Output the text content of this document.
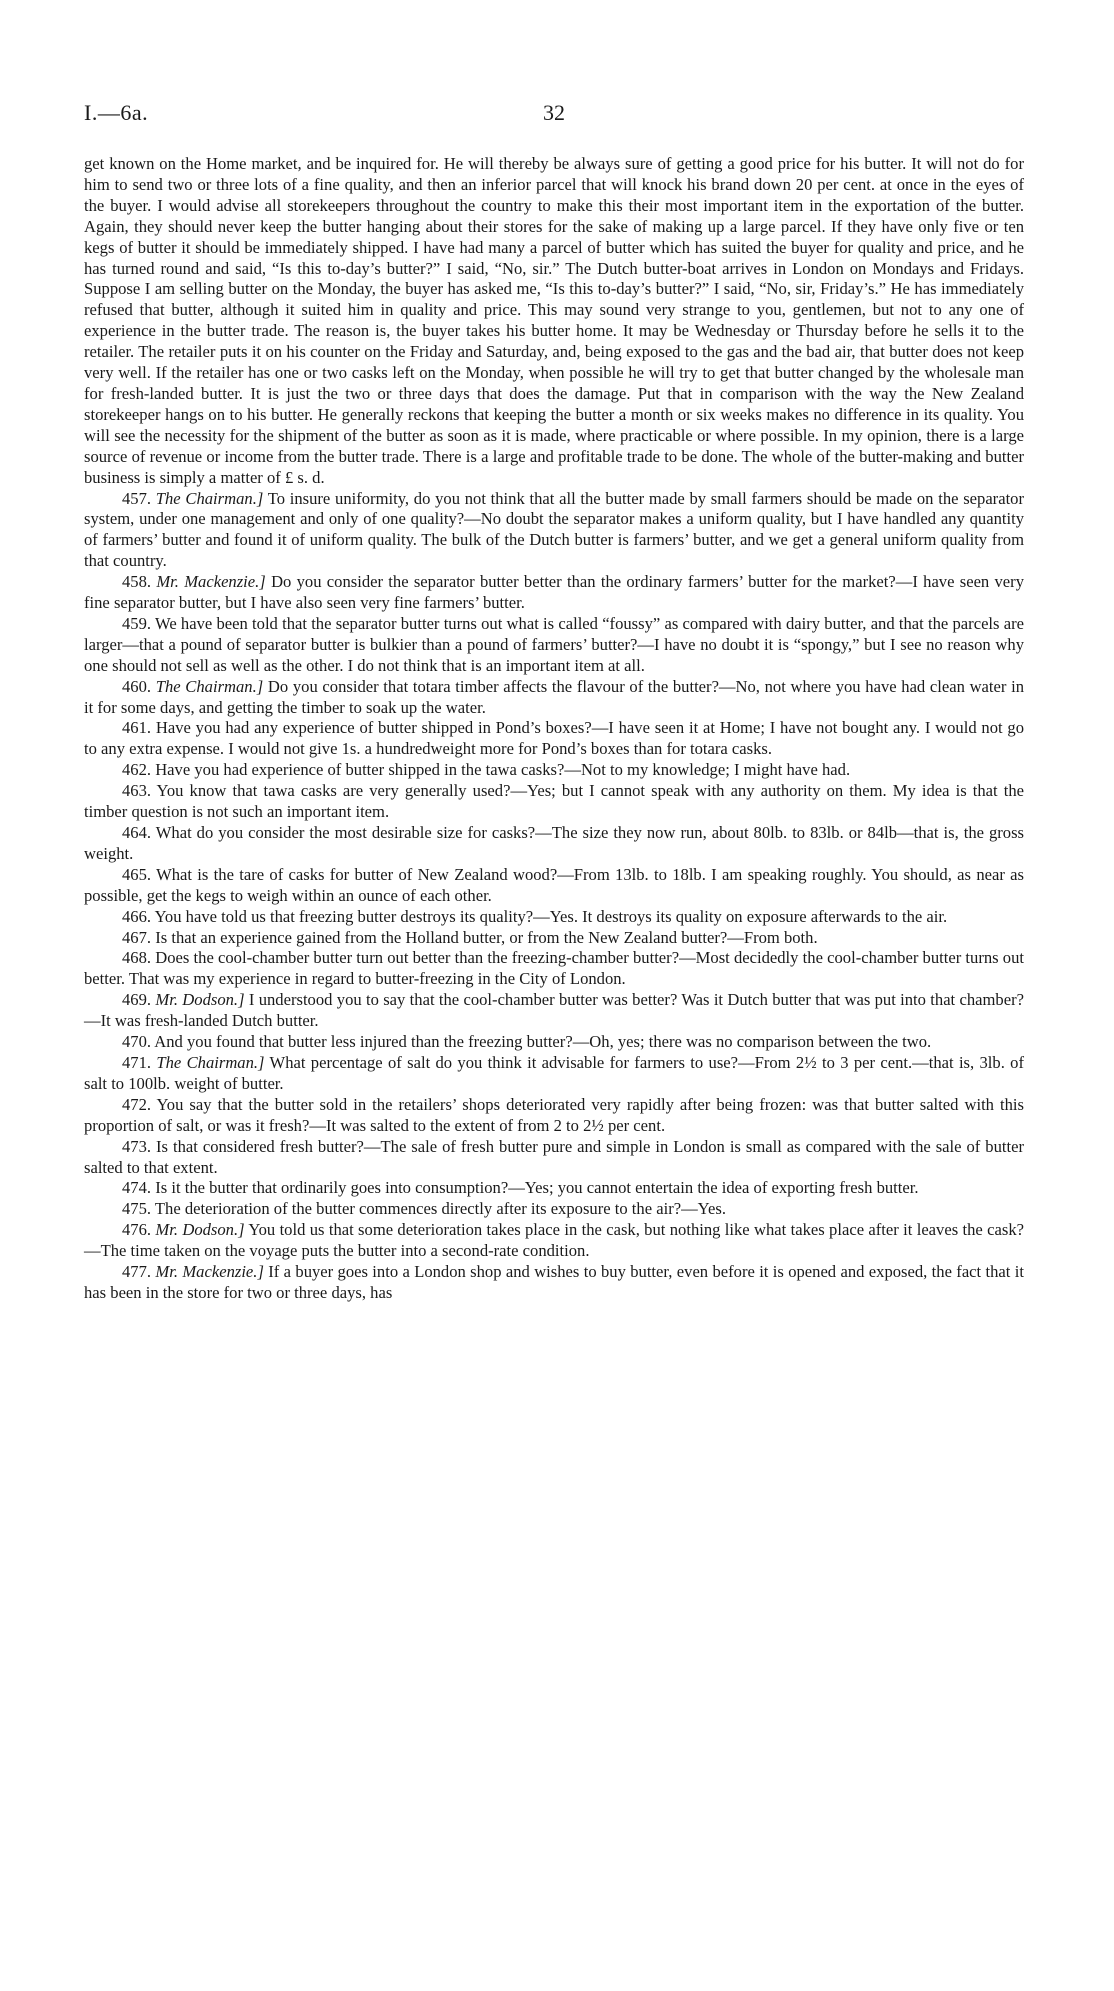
I.—6a.	32

get known on the Home market, and be inquired for. He will thereby be always sure of getting a good price for his butter. It will not do for him to send two or three lots of a fine quality, and then an inferior parcel that will knock his brand down 20 per cent. at once in the eyes of the buyer. I would advise all storekeepers throughout the country to make this their most important item in the exportation of the butter. Again, they should never keep the butter hanging about their stores for the sake of making up a large parcel. If they have only five or ten kegs of butter it should be immediately shipped. I have had many a parcel of butter which has suited the buyer for quality and price, and he has turned round and said, “Is this to-day’s butter?” I said, “No, sir.” The Dutch butter-boat arrives in London on Mondays and Fridays. Suppose I am selling butter on the Monday, the buyer has asked me, “Is this to-day’s butter?” I said, “No, sir, Friday’s.” He has immediately refused that butter, although it suited him in quality and price. This may sound very strange to you, gentlemen, but not to any one of experience in the butter trade. The reason is, the buyer takes his butter home. It may be Wednesday or Thursday before he sells it to the retailer. The retailer puts it on his counter on the Friday and Saturday, and, being exposed to the gas and the bad air, that butter does not keep very well. If the retailer has one or two casks left on the Monday, when possible he will try to get that butter changed by the wholesale man for fresh-landed butter. It is just the two or three days that does the damage. Put that in comparison with the way the New Zealand storekeeper hangs on to his butter. He generally reckons that keeping the butter a month or six weeks makes no difference in its quality. You will see the necessity for the shipment of the butter as soon as it is made, where practicable or where possible. In my opinion, there is a large source of revenue or income from the butter trade. There is a large and profitable trade to be done. The whole of the butter-making and butter business is simply a matter of £ s. d.

457. The Chairman.] To insure uniformity, do you not think that all the butter made by small farmers should be made on the separator system, under one management and only of one quality?—No doubt the separator makes a uniform quality, but I have handled any quantity of farmers’ butter and found it of uniform quality. The bulk of the Dutch butter is farmers’ butter, and we get a general uniform quality from that country.

458. Mr. Mackenzie.] Do you consider the separator butter better than the ordinary farmers’ butter for the market?—I have seen very fine separator butter, but I have also seen very fine farmers’ butter.

459. We have been told that the separator butter turns out what is called “foussy” as compared with dairy butter, and that the parcels are larger—that a pound of separator butter is bulkier than a pound of farmers’ butter?—I have no doubt it is “spongy,” but I see no reason why one should not sell as well as the other. I do not think that is an important item at all.

460. The Chairman.] Do you consider that totara timber affects the flavour of the butter?—No, not where you have had clean water in it for some days, and getting the timber to soak up the water.

461. Have you had any experience of butter shipped in Pond’s boxes?—I have seen it at Home; I have not bought any. I would not go to any extra expense. I would not give 1s. a hundredweight more for Pond’s boxes than for totara casks.

462. Have you had experience of butter shipped in the tawa casks?—Not to my knowledge; I might have had.

463. You know that tawa casks are very generally used?—Yes; but I cannot speak with any authority on them. My idea is that the timber question is not such an important item.

464. What do you consider the most desirable size for casks?—The size they now run, about 80lb. to 83lb. or 84lb—that is, the gross weight.

465. What is the tare of casks for butter of New Zealand wood?—From 13lb. to 18lb. I am speaking roughly. You should, as near as possible, get the kegs to weigh within an ounce of each other.

466. You have told us that freezing butter destroys its quality?—Yes. It destroys its quality on exposure afterwards to the air.

467. Is that an experience gained from the Holland butter, or from the New Zealand butter?—From both.

468. Does the cool-chamber butter turn out better than the freezing-chamber butter?—Most decidedly the cool-chamber butter turns out better. That was my experience in regard to butter-freezing in the City of London.

469. Mr. Dodson.] I understood you to say that the cool-chamber butter was better? Was it Dutch butter that was put into that chamber?—It was fresh-landed Dutch butter.

470. And you found that butter less injured than the freezing butter?—Oh, yes; there was no comparison between the two.

471. The Chairman.] What percentage of salt do you think it advisable for farmers to use?—From 2½ to 3 per cent.—that is, 3lb. of salt to 100lb. weight of butter.

472. You say that the butter sold in the retailers’ shops deteriorated very rapidly after being frozen: was that butter salted with this proportion of salt, or was it fresh?—It was salted to the extent of from 2 to 2½ per cent.

473. Is that considered fresh butter?—The sale of fresh butter pure and simple in London is small as compared with the sale of butter salted to that extent.

474. Is it the butter that ordinarily goes into consumption?—Yes; you cannot entertain the idea of exporting fresh butter.

475. The deterioration of the butter commences directly after its exposure to the air?—Yes.

476. Mr. Dodson.] You told us that some deterioration takes place in the cask, but nothing like what takes place after it leaves the cask?—The time taken on the voyage puts the butter into a second-rate condition.

477. Mr. Mackenzie.] If a buyer goes into a London shop and wishes to buy butter, even before it is opened and exposed, the fact that it has been in the store for two or three days, has
